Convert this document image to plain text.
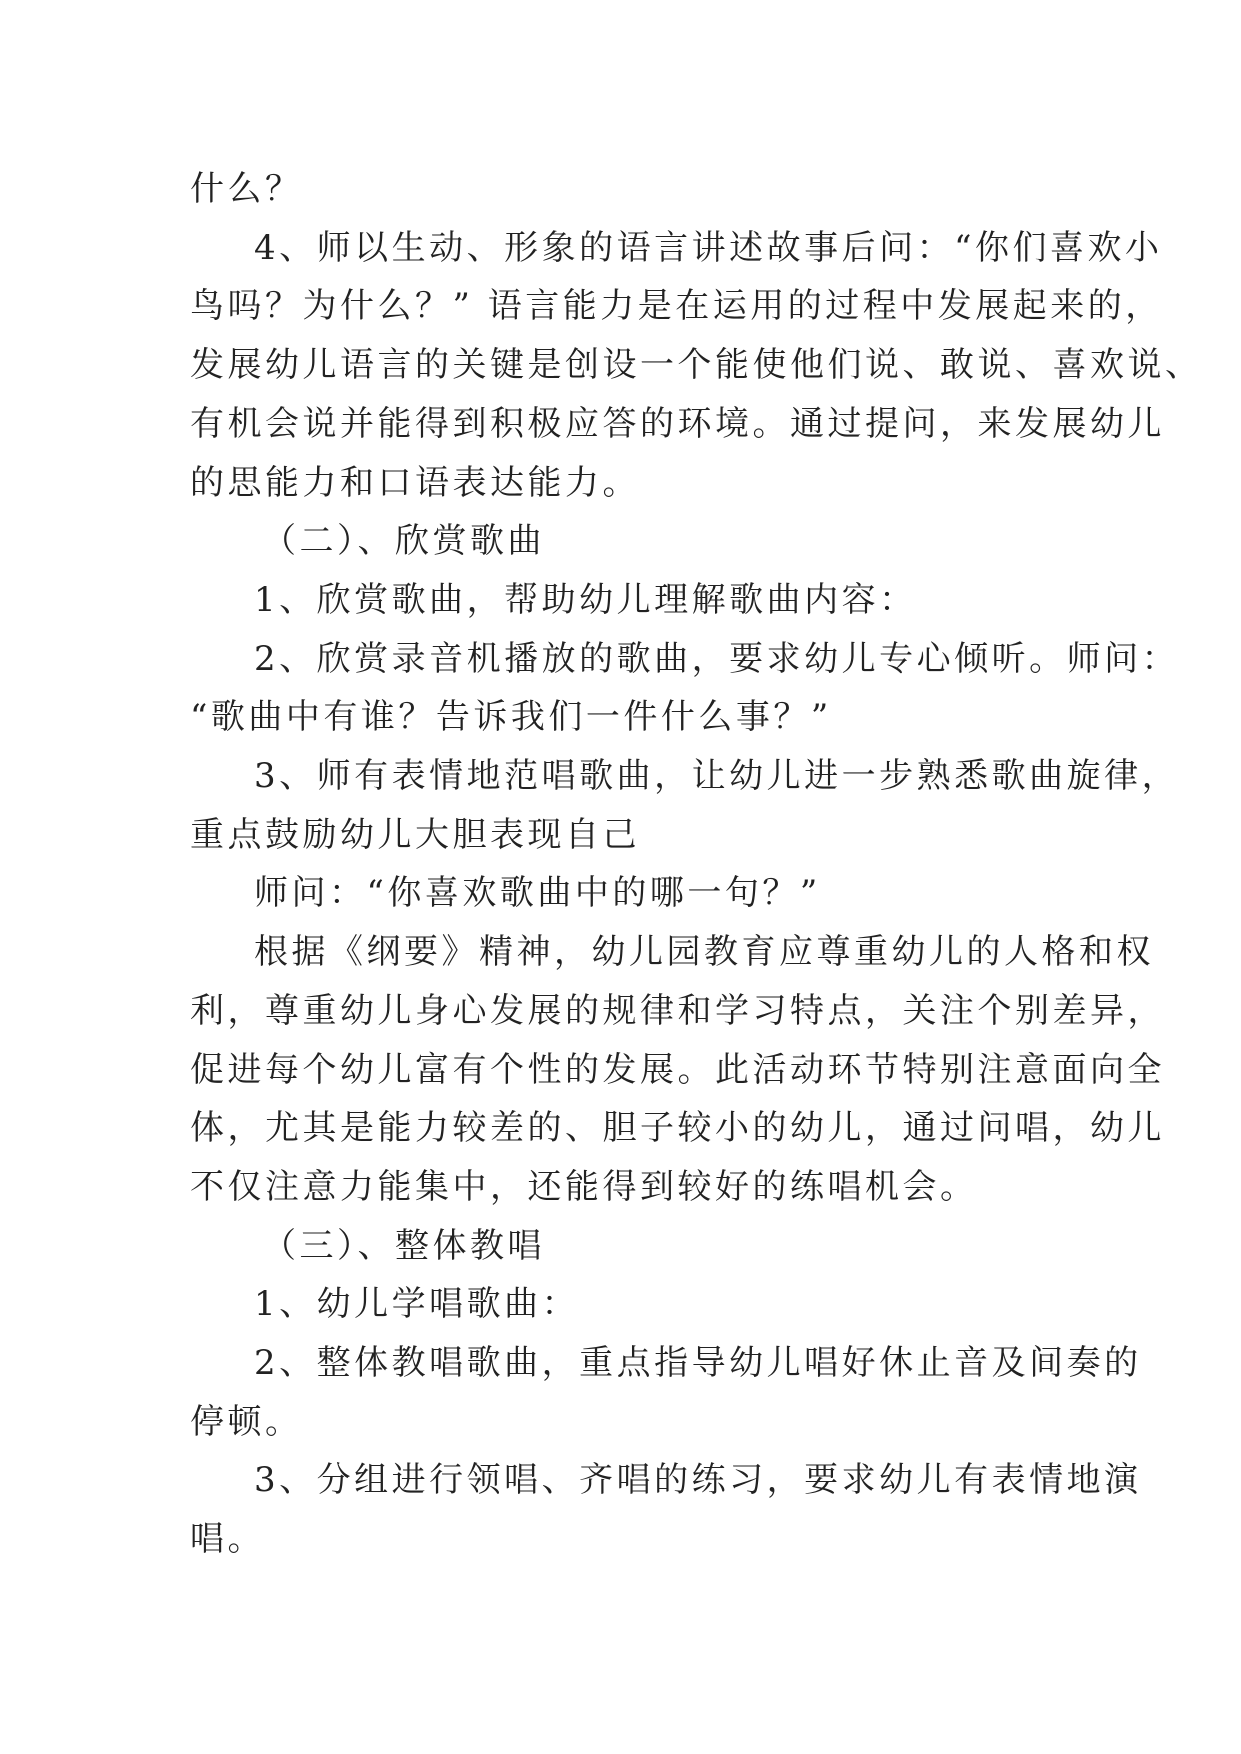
什么？

4、师以生动、形象的语言讲述故事后问：“你们喜欢小

鸟吗？为什么？” 语言能力是在运用的过程中发展起来的，

发展幼儿语言的关键是创设一个能使他们说、敢说、喜欢说、

有机会说并能得到积极应答的环境。通过提问，来发展幼儿

的思能力和口语表达能力。

（二）、欣赏歌曲

1、欣赏歌曲，帮助幼儿理解歌曲内容：

2、欣赏录音机播放的歌曲，要求幼儿专心倾听。师问：

“歌曲中有谁？告诉我们一件什么事？”

3、师有表情地范唱歌曲，让幼儿进一步熟悉歌曲旋律，

重点鼓励幼儿大胆表现自己

师问：“你喜欢歌曲中的哪一句？”

根据《纲要》精神，幼儿园教育应尊重幼儿的人格和权

利，尊重幼儿身心发展的规律和学习特点，关注个别差异，

促进每个幼儿富有个性的发展。此活动环节特别注意面向全

体，尤其是能力较差的、胆子较小的幼儿，通过问唱，幼儿

不仅注意力能集中，还能得到较好的练唱机会。

（三）、整体教唱

1、幼儿学唱歌曲：

2、整体教唱歌曲，重点指导幼儿唱好休止音及间奏的

停顿。

3、分组进行领唱、齐唱的练习，要求幼儿有表情地演

唱。
